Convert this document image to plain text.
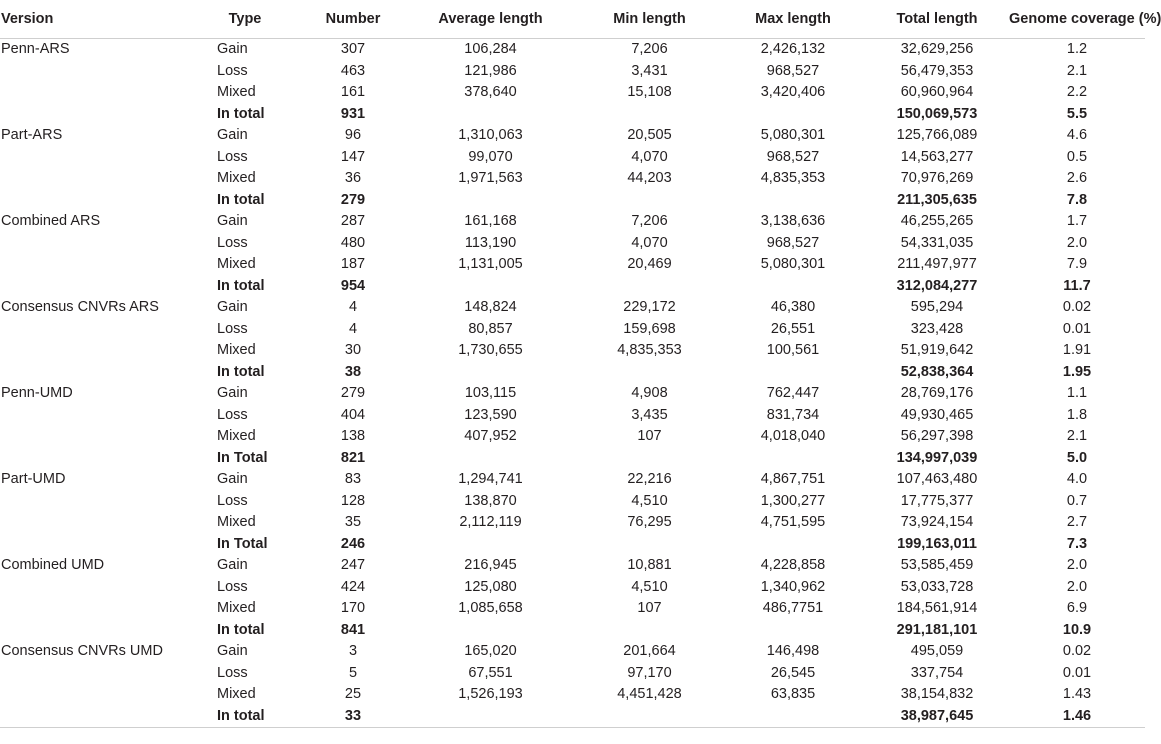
Version	Type	Number	Average length	Min length	Max length	Total length	Genome coverage (%)
Penn-ARS	Gain	307	106,284	7,206	2,426,132	32,629,256	1.2
	Loss	463	121,986	3,431	968,527	56,479,353	2.1
	Mixed	161	378,640	15,108	3,420,406	60,960,964	2.2
	In total	931				150,069,573	5.5
Part-ARS	Gain	96	1,310,063	20,505	5,080,301	125,766,089	4.6
	Loss	147	99,070	4,070	968,527	14,563,277	0.5
	Mixed	36	1,971,563	44,203	4,835,353	70,976,269	2.6
	In total	279				211,305,635	7.8
Combined ARS	Gain	287	161,168	7,206	3,138,636	46,255,265	1.7
	Loss	480	113,190	4,070	968,527	54,331,035	2.0
	Mixed	187	1,131,005	20,469	5,080,301	211,497,977	7.9
	In total	954				312,084,277	11.7
Consensus CNVRs ARS	Gain	4	148,824	229,172	46,380	595,294	0.02
	Loss	4	80,857	159,698	26,551	323,428	0.01
	Mixed	30	1,730,655	4,835,353	100,561	51,919,642	1.91
	In total	38				52,838,364	1.95
Penn-UMD	Gain	279	103,115	4,908	762,447	28,769,176	1.1
	Loss	404	123,590	3,435	831,734	49,930,465	1.8
	Mixed	138	407,952	107	4,018,040	56,297,398	2.1
	In Total	821				134,997,039	5.0
Part-UMD	Gain	83	1,294,741	22,216	4,867,751	107,463,480	4.0
	Loss	128	138,870	4,510	1,300,277	17,775,377	0.7
	Mixed	35	2,112,119	76,295	4,751,595	73,924,154	2.7
	In Total	246				199,163,011	7.3
Combined UMD	Gain	247	216,945	10,881	4,228,858	53,585,459	2.0
	Loss	424	125,080	4,510	1,340,962	53,033,728	2.0
	Mixed	170	1,085,658	107	486,7751	184,561,914	6.9
	In total	841				291,181,101	10.9
Consensus CNVRs UMD	Gain	3	165,020	201,664	146,498	495,059	0.02
	Loss	5	67,551	97,170	26,545	337,754	0.01
	Mixed	25	1,526,193	4,451,428	63,835	38,154,832	1.43
	In total	33				38,987,645	1.46
